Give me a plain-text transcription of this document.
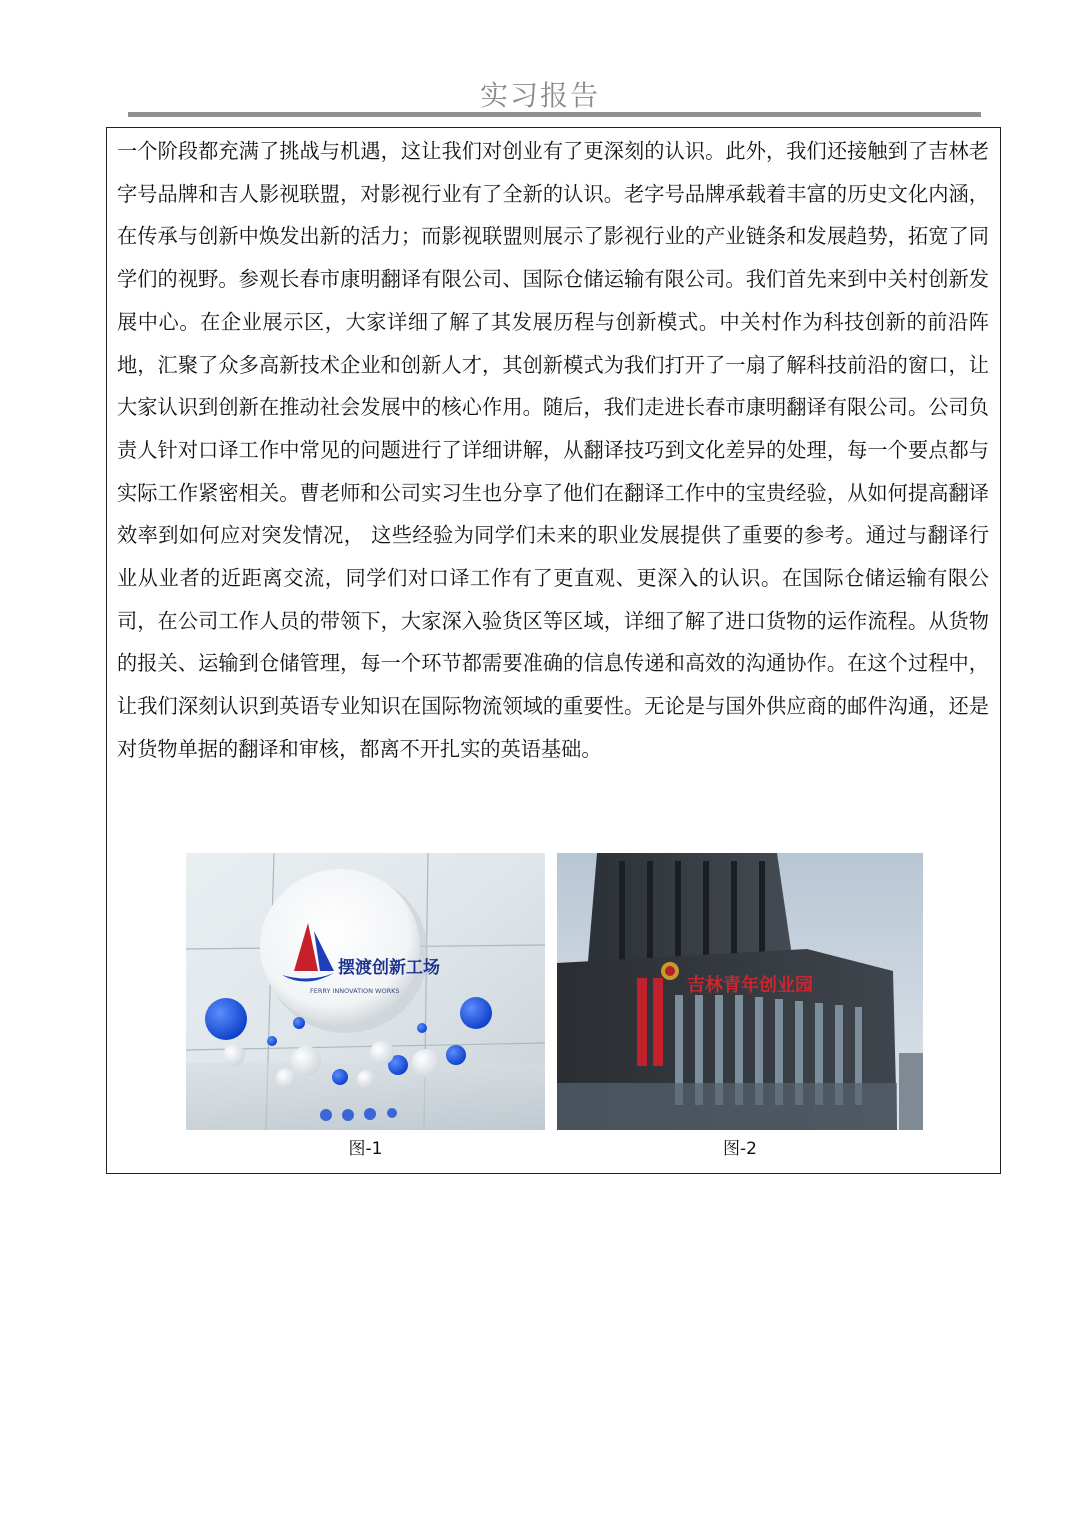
实习报告

一个阶段都充满了挑战与机遇，这让我们对创业有了更深刻的认识。此外，我们还接触到了吉林老字号品牌和吉人影视联盟，对影视行业有了全新的认识。老字号品牌承载着丰富的历史文化内涵，在传承与创新中焕发出新的活力；而影视联盟则展示了影视行业的产业链条和发展趋势，拓宽了同学们的视野。参观长春市康明翻译有限公司、国际仓储运输有限公司。我们首先来到中关村创新发展中心。在企业展示区，大家详细了解了其发展历程与创新模式。中关村作为科技创新的前沿阵地，汇聚了众多高新技术企业和创新人才，其创新模式为我们打开了一扇了解科技前沿的窗口，让大家认识到创新在推动社会发展中的核心作用。随后，我们走进长春市康明翻译有限公司。公司负责人针对口译工作中常见的问题进行了详细讲解，从翻译技巧到文化差异的处理，每一个要点都与实际工作紧密相关。曹老师和公司实习生也分享了他们在翻译工作中的宝贵经验，从如何提高翻译效率到如何应对突发情况， 这些经验为同学们未来的职业发展提供了重要的参考。通过与翻译行业从业者的近距离交流，同学们对口译工作有了更直观、更深入的认识。在国际仓储运输有限公司，在公司工作人员的带领下，大家深入验货区等区域，详细了解了进口货物的运作流程。从货物的报关、运输到仓储管理，每一个环节都需要准确的信息传递和高效的沟通协作。在这个过程中，让我们深刻认识到英语专业知识在国际物流领域的重要性。无论是与国外供应商的邮件沟通，还是对货物单据的翻译和审核，都离不开扎实的英语基础。

摆渡创新工场
FERRY INNOVATION WORKS
图-1
吉林青年创业园
图-2
